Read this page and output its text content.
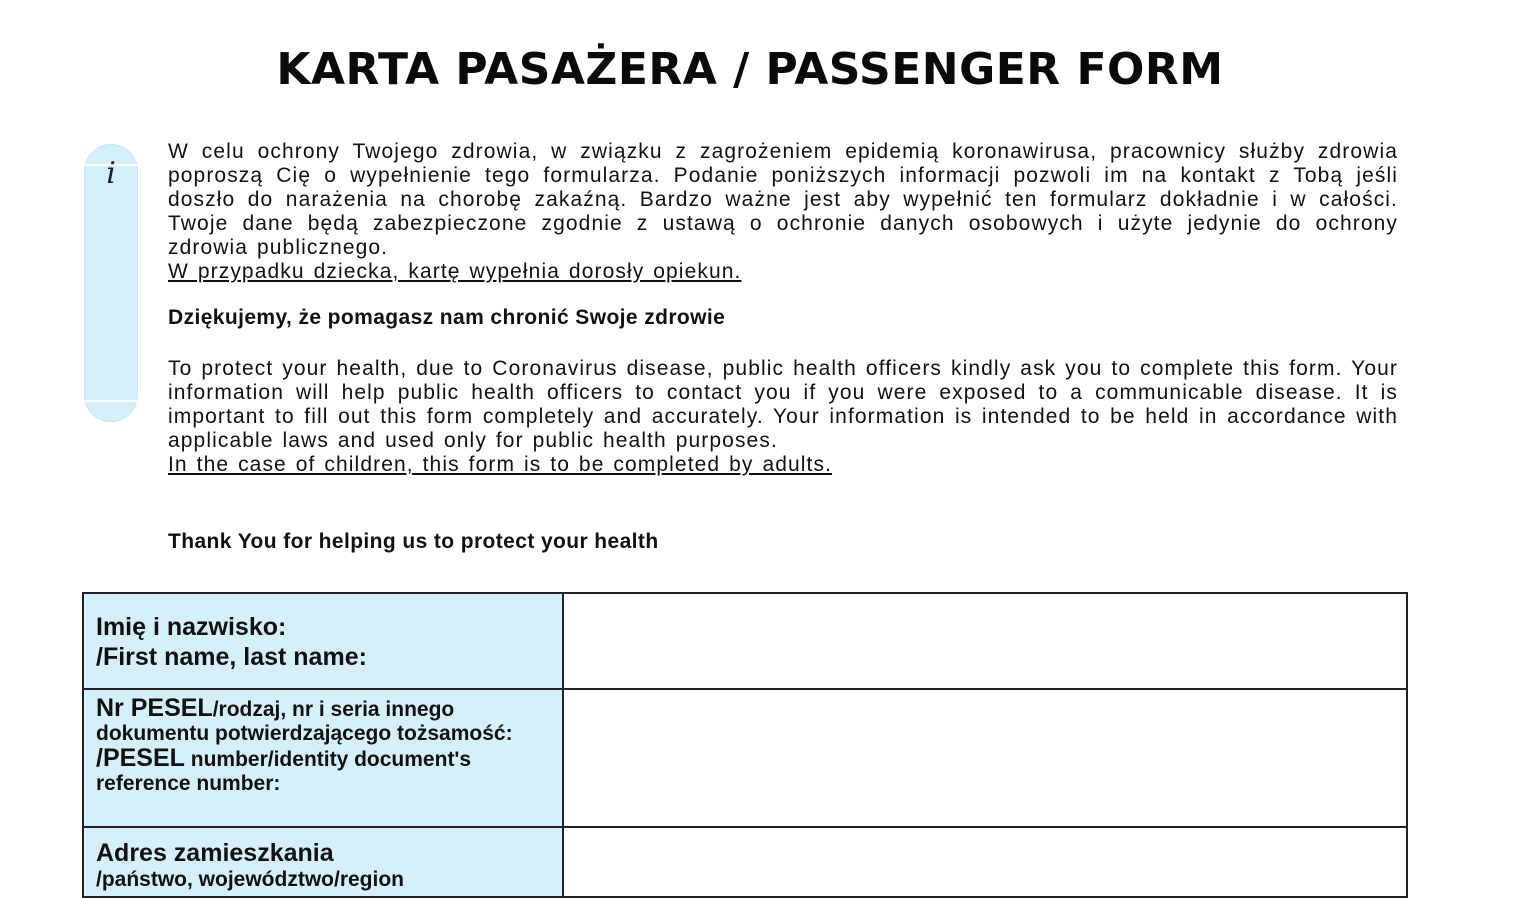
KARTA PASAŻERA / PASSENGER FORM
i
W celu ochrony Twojego zdrowia, w związku z zagrożeniem epidemią koronawirusa, pracownicy służby zdrowia poproszą Cię o wypełnienie tego formularza. Podanie poniższych informacji pozwoli im na kontakt z Tobą jeśli doszło do narażenia na chorobę zakaźną. Bardzo ważne jest aby wypełnić ten formularz dokładnie i w całości. Twoje dane będą zabezpieczone zgodnie z ustawą o ochronie danych osobowych i użyte jedynie do ochrony zdrowia publicznego.
W przypadku dziecka, kartę wypełnia dorosły opiekun.
Dziękujemy, że pomagasz nam chronić Swoje zdrowie
To protect your health, due to Coronavirus disease, public health officers kindly ask you to complete this form. Your information will help public health officers to contact you if you were exposed to a communicable disease. It is important to fill out this form completely and accurately. Your information is intended to be held in accordance with applicable laws and used only for public health purposes.
In the case of children, this form is to be completed by adults.
Thank You for helping us to protect your health
Imię i nazwisko:
/First name, last name:	

Nr PESEL/rodzaj, nr i seria innego dokumentu potwierdzającego tożsamość:
/PESEL number/identity document's reference number:	

Adres zamieszkania
/państwo, województwo/region	
